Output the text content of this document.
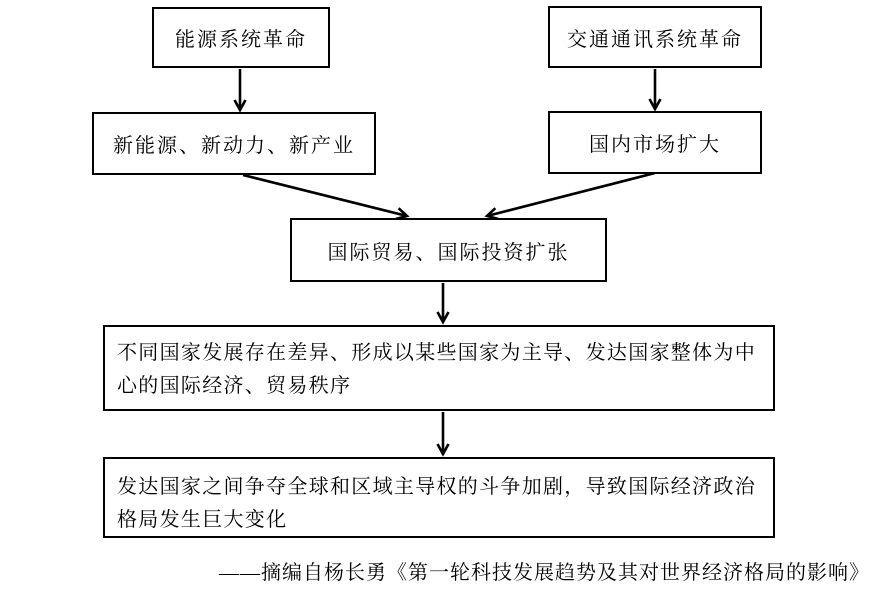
能源系统革命	交通通讯系统革命
新能源、新动力、新产业	国内市场扩大
国际贸易、国际投资扩张
不同国家发展存在差异、形成以某些国家为主导、发达国家整体为中心的国际经济、贸易秩序
发达国家之间争夺全球和区域主导权的斗争加剧，导致国际经济政治格局发生巨大变化
——摘编自杨长勇《第一轮科技发展趋势及其对世界经济格局的影响》
